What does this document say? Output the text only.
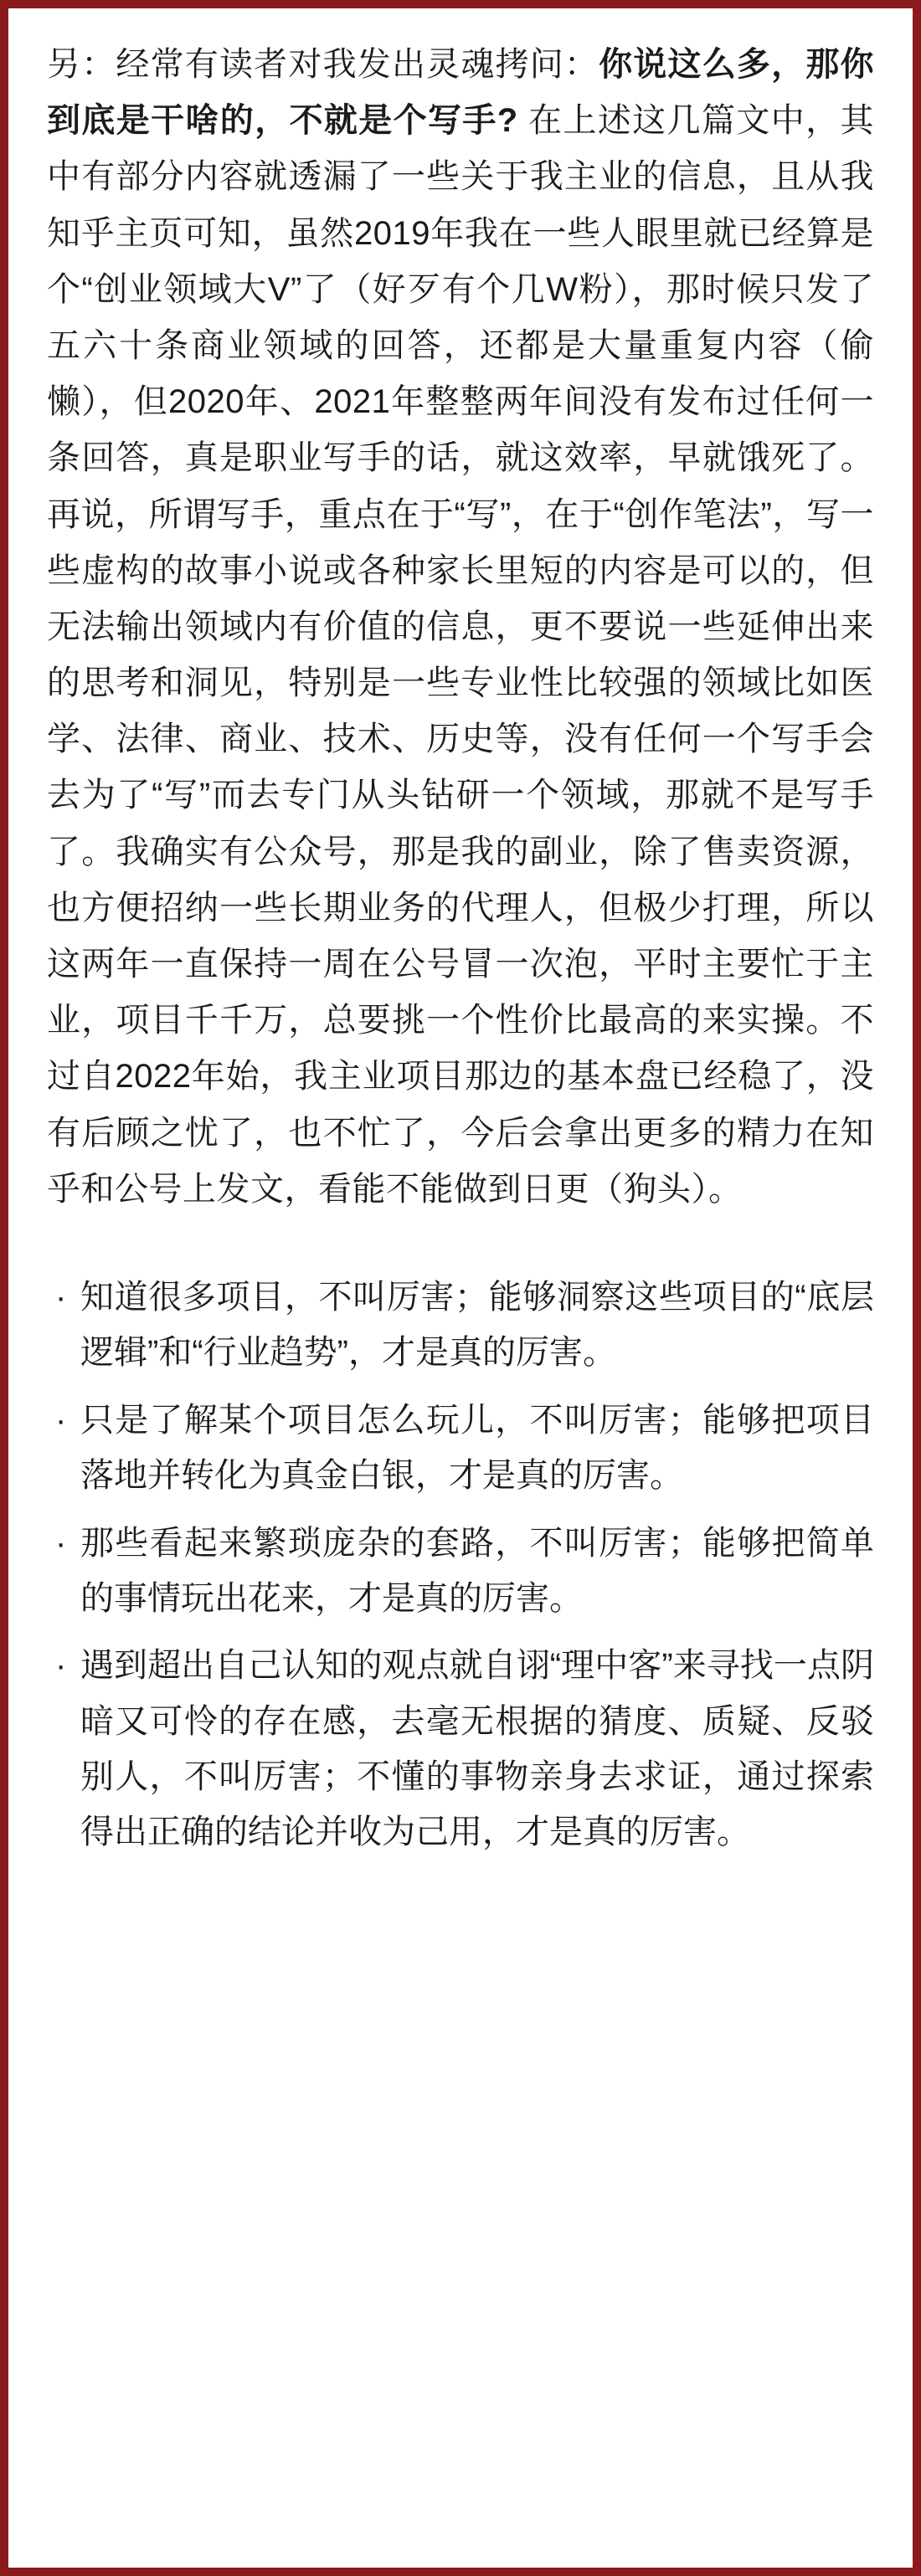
另：经常有读者对我发出灵魂拷问：你说这么多，那你到底是干啥的，不就是个写手? 在上述这几篇文中，其中有部分内容就透漏了一些关于我主业的信息，且从我知乎主页可知，虽然2019年我在一些人眼里就已经算是个“创业领域大V”了（好歹有个几W粉），那时候只发了五六十条商业领域的回答，还都是大量重复内容（偷懒），但2020年、2021年整整两年间没有发布过任何一条回答，真是职业写手的话，就这效率，早就饿死了。再说，所谓写手，重点在于“写”，在于“创作笔法”，写一些虚构的故事小说或各种家长里短的内容是可以的，但无法输出领域内有价值的信息，更不要说一些延伸出来的思考和洞见，特别是一些专业性比较强的领域比如医学、法律、商业、技术、历史等，没有任何一个写手会去为了“写”而去专门从头钻研一个领域，那就不是写手了。我确实有公众号，那是我的副业，除了售卖资源，也方便招纳一些长期业务的代理人，但极少打理，所以这两年一直保持一周在公号冒一次泡，平时主要忙于主业，项目千千万，总要挑一个性价比最高的来实操。不过自2022年始，我主业项目那边的基本盘已经稳了，没有后顾之忧了，也不忙了，今后会拿出更多的精力在知乎和公号上发文，看能不能做到日更（狗头）。

· 知道很多项目，不叫厉害；能够洞察这些项目的“底层逻辑”和“行业趋势”，才是真的厉害。
· 只是了解某个项目怎么玩儿，不叫厉害；能够把项目落地并转化为真金白银，才是真的厉害。
· 那些看起来繁琐庞杂的套路，不叫厉害；能够把简单的事情玩出花来，才是真的厉害。
· 遇到超出自己认知的观点就自诩“理中客”来寻找一点阴暗又可怜的存在感，去毫无根据的猜度、质疑、反驳别人，不叫厉害；不懂的事物亲身去求证，通过探索得出正确的结论并收为己用，才是真的厉害。
